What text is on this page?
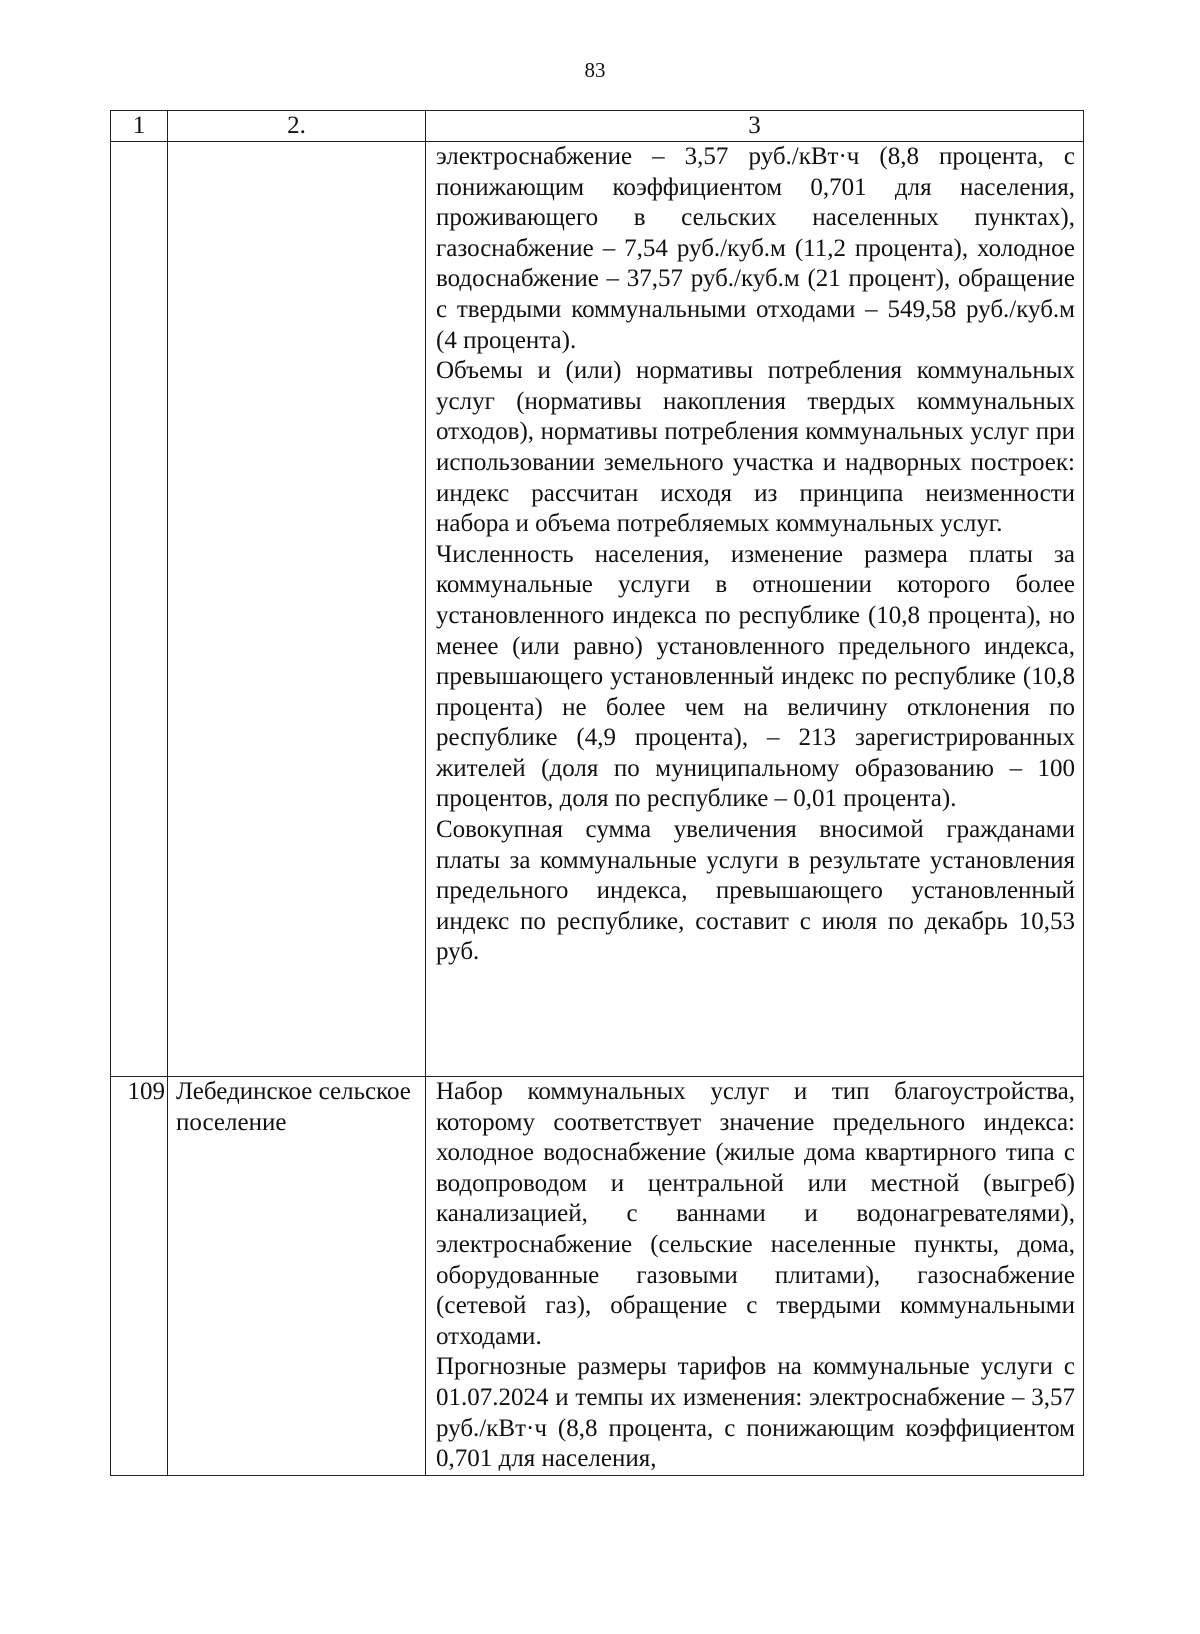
83
1	2.	3

		электроснабжение – 3,57 руб./кВт·ч (8,8 процента, с понижающим коэффициентом 0,701 для населения, проживающего в сельских населенных пунктах), газоснабжение – 7,54 руб./куб.м (11,2 процента), холодное водоснабжение – 37,57 руб./куб.м (21 процент), обращение с твердыми коммунальными отходами – 549,58 руб./куб.м (4 процента).

Объемы и (или) нормативы потребления коммунальных услуг (нормативы накопления твердых коммунальных отходов), нормативы потребления коммунальных услуг при использовании земельного участка и надворных построек: индекс рассчитан исходя из принципа неизменности набора и объема потребляемых коммунальных услуг.

Численность населения, изменение размера платы за коммунальные услуги в отношении которого более установленного индекса по республике (10,8 процента), но менее (или равно) установленного предельного индекса, превышающего установленный индекс по республике (10,8 процента) не более чем на величину отклонения по республике (4,9 процента), – 213 зарегистрированных жителей (доля по муниципальному образованию – 100 процентов, доля по республике – 0,01 процента).

Совокупная сумма увеличения вносимой гражданами платы за коммунальные услуги в результате установления предельного индекса, превышающего установленный индекс по республике, составит с июля по декабрь 10,53 руб.

109	Лебединское сельское поселение	Набор коммунальных услуг и тип благоустройства, которому соответствует значение предельного индекса: холодное водоснабжение (жилые дома квартирного типа с водопроводом и центральной или местной (выгреб) канализацией, с ваннами и водонагревателями), электроснабжение (сельские населенные пункты, дома, оборудованные газовыми плитами), газоснабжение (сетевой газ), обращение с твердыми коммунальными отходами.

Прогнозные размеры тарифов на коммунальные услуги с 01.07.2024 и темпы их изменения: электроснабжение – 3,57 руб./кВт·ч (8,8 процента, с понижающим коэффициентом 0,701 для населения,
